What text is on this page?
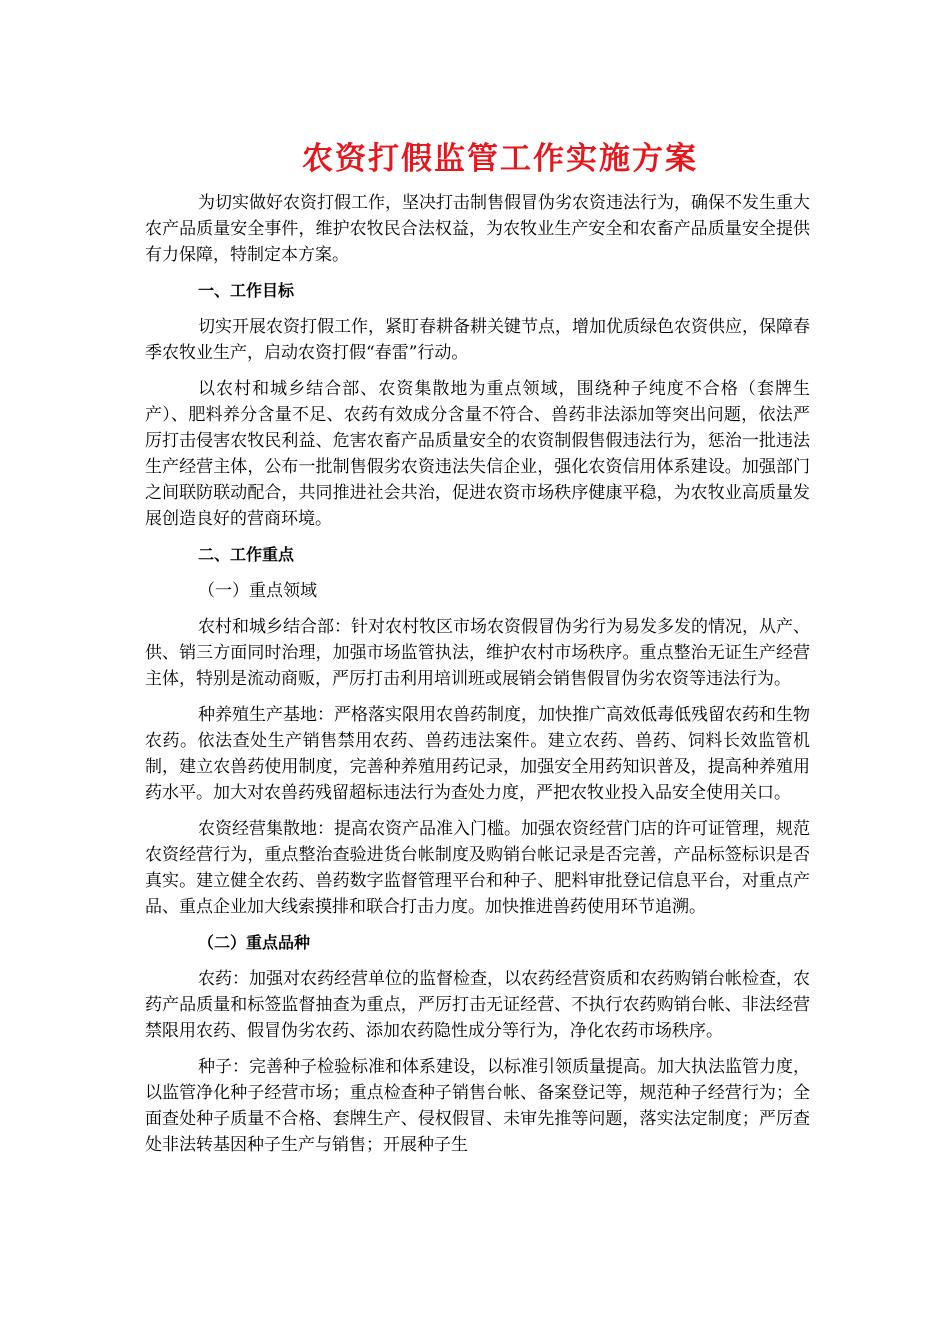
农资打假监管工作实施方案

为切实做好农资打假工作，坚决打击制售假冒伪劣农资违法行为，确保不发生重大农产品质量安全事件，维护农牧民合法权益，为农牧业生产安全和农畜产品质量安全提供有力保障，特制定本方案。

一、工作目标

切实开展农资打假工作，紧盯春耕备耕关键节点，增加优质绿色农资供应，保障春季农牧业生产，启动农资打假“春雷”行动。

以农村和城乡结合部、农资集散地为重点领域，围绕种子纯度不合格（套牌生产）、肥料养分含量不足、农药有效成分含量不符合、兽药非法添加等突出问题，依法严厉打击侵害农牧民利益、危害农畜产品质量安全的农资制假售假违法行为，惩治一批违法生产经营主体，公布一批制售假劣农资违法失信企业，强化农资信用体系建设。加强部门之间联防联动配合，共同推进社会共治，促进农资市场秩序健康平稳，为农牧业高质量发展创造良好的营商环境。

二、工作重点

（一）重点领域

农村和城乡结合部：针对农村牧区市场农资假冒伪劣行为易发多发的情况，从产、供、销三方面同时治理，加强市场监管执法，维护农村市场秩序。重点整治无证生产经营主体，特别是流动商贩，严厉打击利用培训班或展销会销售假冒伪劣农资等违法行为。

种养殖生产基地：严格落实限用农兽药制度，加快推广高效低毒低残留农药和生物农药。依法查处生产销售禁用农药、兽药违法案件。建立农药、兽药、饲料长效监管机制，建立农兽药使用制度，完善种养殖用药记录，加强安全用药知识普及，提高种养殖用药水平。加大对农兽药残留超标违法行为查处力度，严把农牧业投入品安全使用关口。

农资经营集散地：提高农资产品准入门槛。加强农资经营门店的许可证管理，规范农资经营行为，重点整治查验进货台帐制度及购销台帐记录是否完善，产品标签标识是否真实。建立健全农药、兽药数字监督管理平台和种子、肥料审批登记信息平台，对重点产品、重点企业加大线索摸排和联合打击力度。加快推进兽药使用环节追溯。

（二）重点品种

农药：加强对农药经营单位的监督检查，以农药经营资质和农药购销台帐检查，农药产品质量和标签监督抽查为重点，严厉打击无证经营、不执行农药购销台帐、非法经营禁限用农药、假冒伪劣农药、添加农药隐性成分等行为，净化农药市场秩序。

种子：完善种子检验标准和体系建设，以标准引领质量提高。加大执法监管力度，以监管净化种子经营市场；重点检查种子销售台帐、备案登记等，规范种子经营行为；全面查处种子质量不合格、套牌生产、侵权假冒、未审先推等问题，落实法定制度；严厉查处非法转基因种子生产与销售；开展种子生
